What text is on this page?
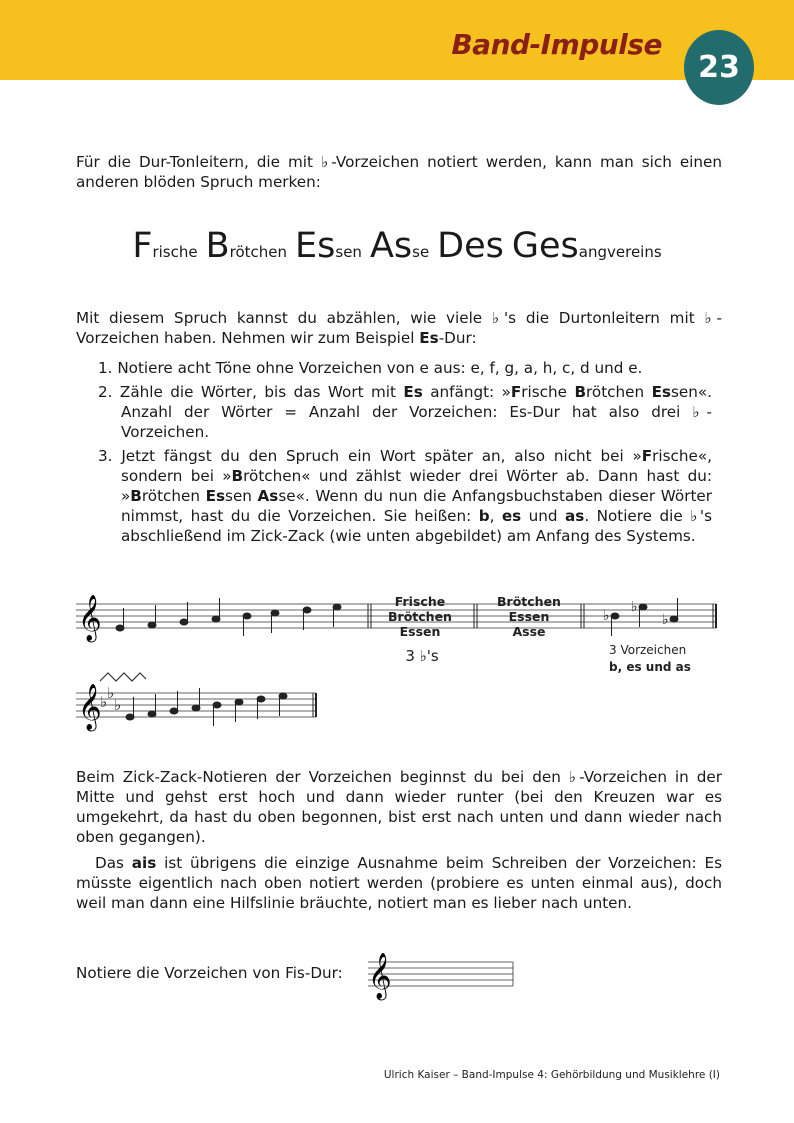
Band-Impulse
23
Für die Dur-Tonleitern, die mit ♭-Vorzeichen notiert werden, kann man sich einen anderen blöden Spruch merken:
Frische Brötchen Essen Asse Des Gesangvereins
Mit diesem Spruch kannst du abzählen, wie viele ♭'s die Durtonleitern mit ♭-Vorzeichen haben. Nehmen wir zum Beispiel Es-Dur:
1. Notiere acht Töne ohne Vorzeichen von e aus: e, f, g, a, h, c, d und e.
2. Zähle die Wörter, bis das Wort mit Es anfängt: »Frische Brötchen Essen«. Anzahl der Wörter = Anzahl der Vorzeichen: Es-Dur hat also drei ♭-Vorzeichen.
3. Jetzt fängst du den Spruch ein Wort später an, also nicht bei »Frische«, sondern bei »Brötchen« und zählst wieder drei Wörter ab. Dann hast du: »Brötchen Essen Asse«. Wenn du nun die Anfangsbuchstaben dieser Wörter nimmst, hast du die Vorzeichen. Sie heißen: b, es und as. Notiere die ♭'s abschließend im Zick-Zack (wie unten abgebildet) am Anfang des Systems.
𝄞
𝄞
♭
♭
♭
♭ ♭
♭
Frische
Brötchen
Essen
Brötchen
Essen
Asse
3 ♭'s	3 Vorzeichen
b, es und as
Beim Zick-Zack-Notieren der Vorzeichen beginnst du bei den ♭-Vorzeichen in der Mitte und gehst erst hoch und dann wieder runter (bei den Kreuzen war es umgekehrt, da hast du oben begonnen, bist erst nach unten und dann wieder nach oben gegangen).
Das ais ist übrigens die einzige Ausnahme beim Schreiben der Vorzeichen: Es müsste eigentlich nach oben notiert werden (probiere es unten einmal aus), doch weil man dann eine Hilfslinie bräuchte, notiert man es lieber nach unten.
Notiere die Vorzeichen von Fis-Dur: 𝄞
Ulrich Kaiser – Band-Impulse 4: Gehörbildung und Musiklehre (I)
